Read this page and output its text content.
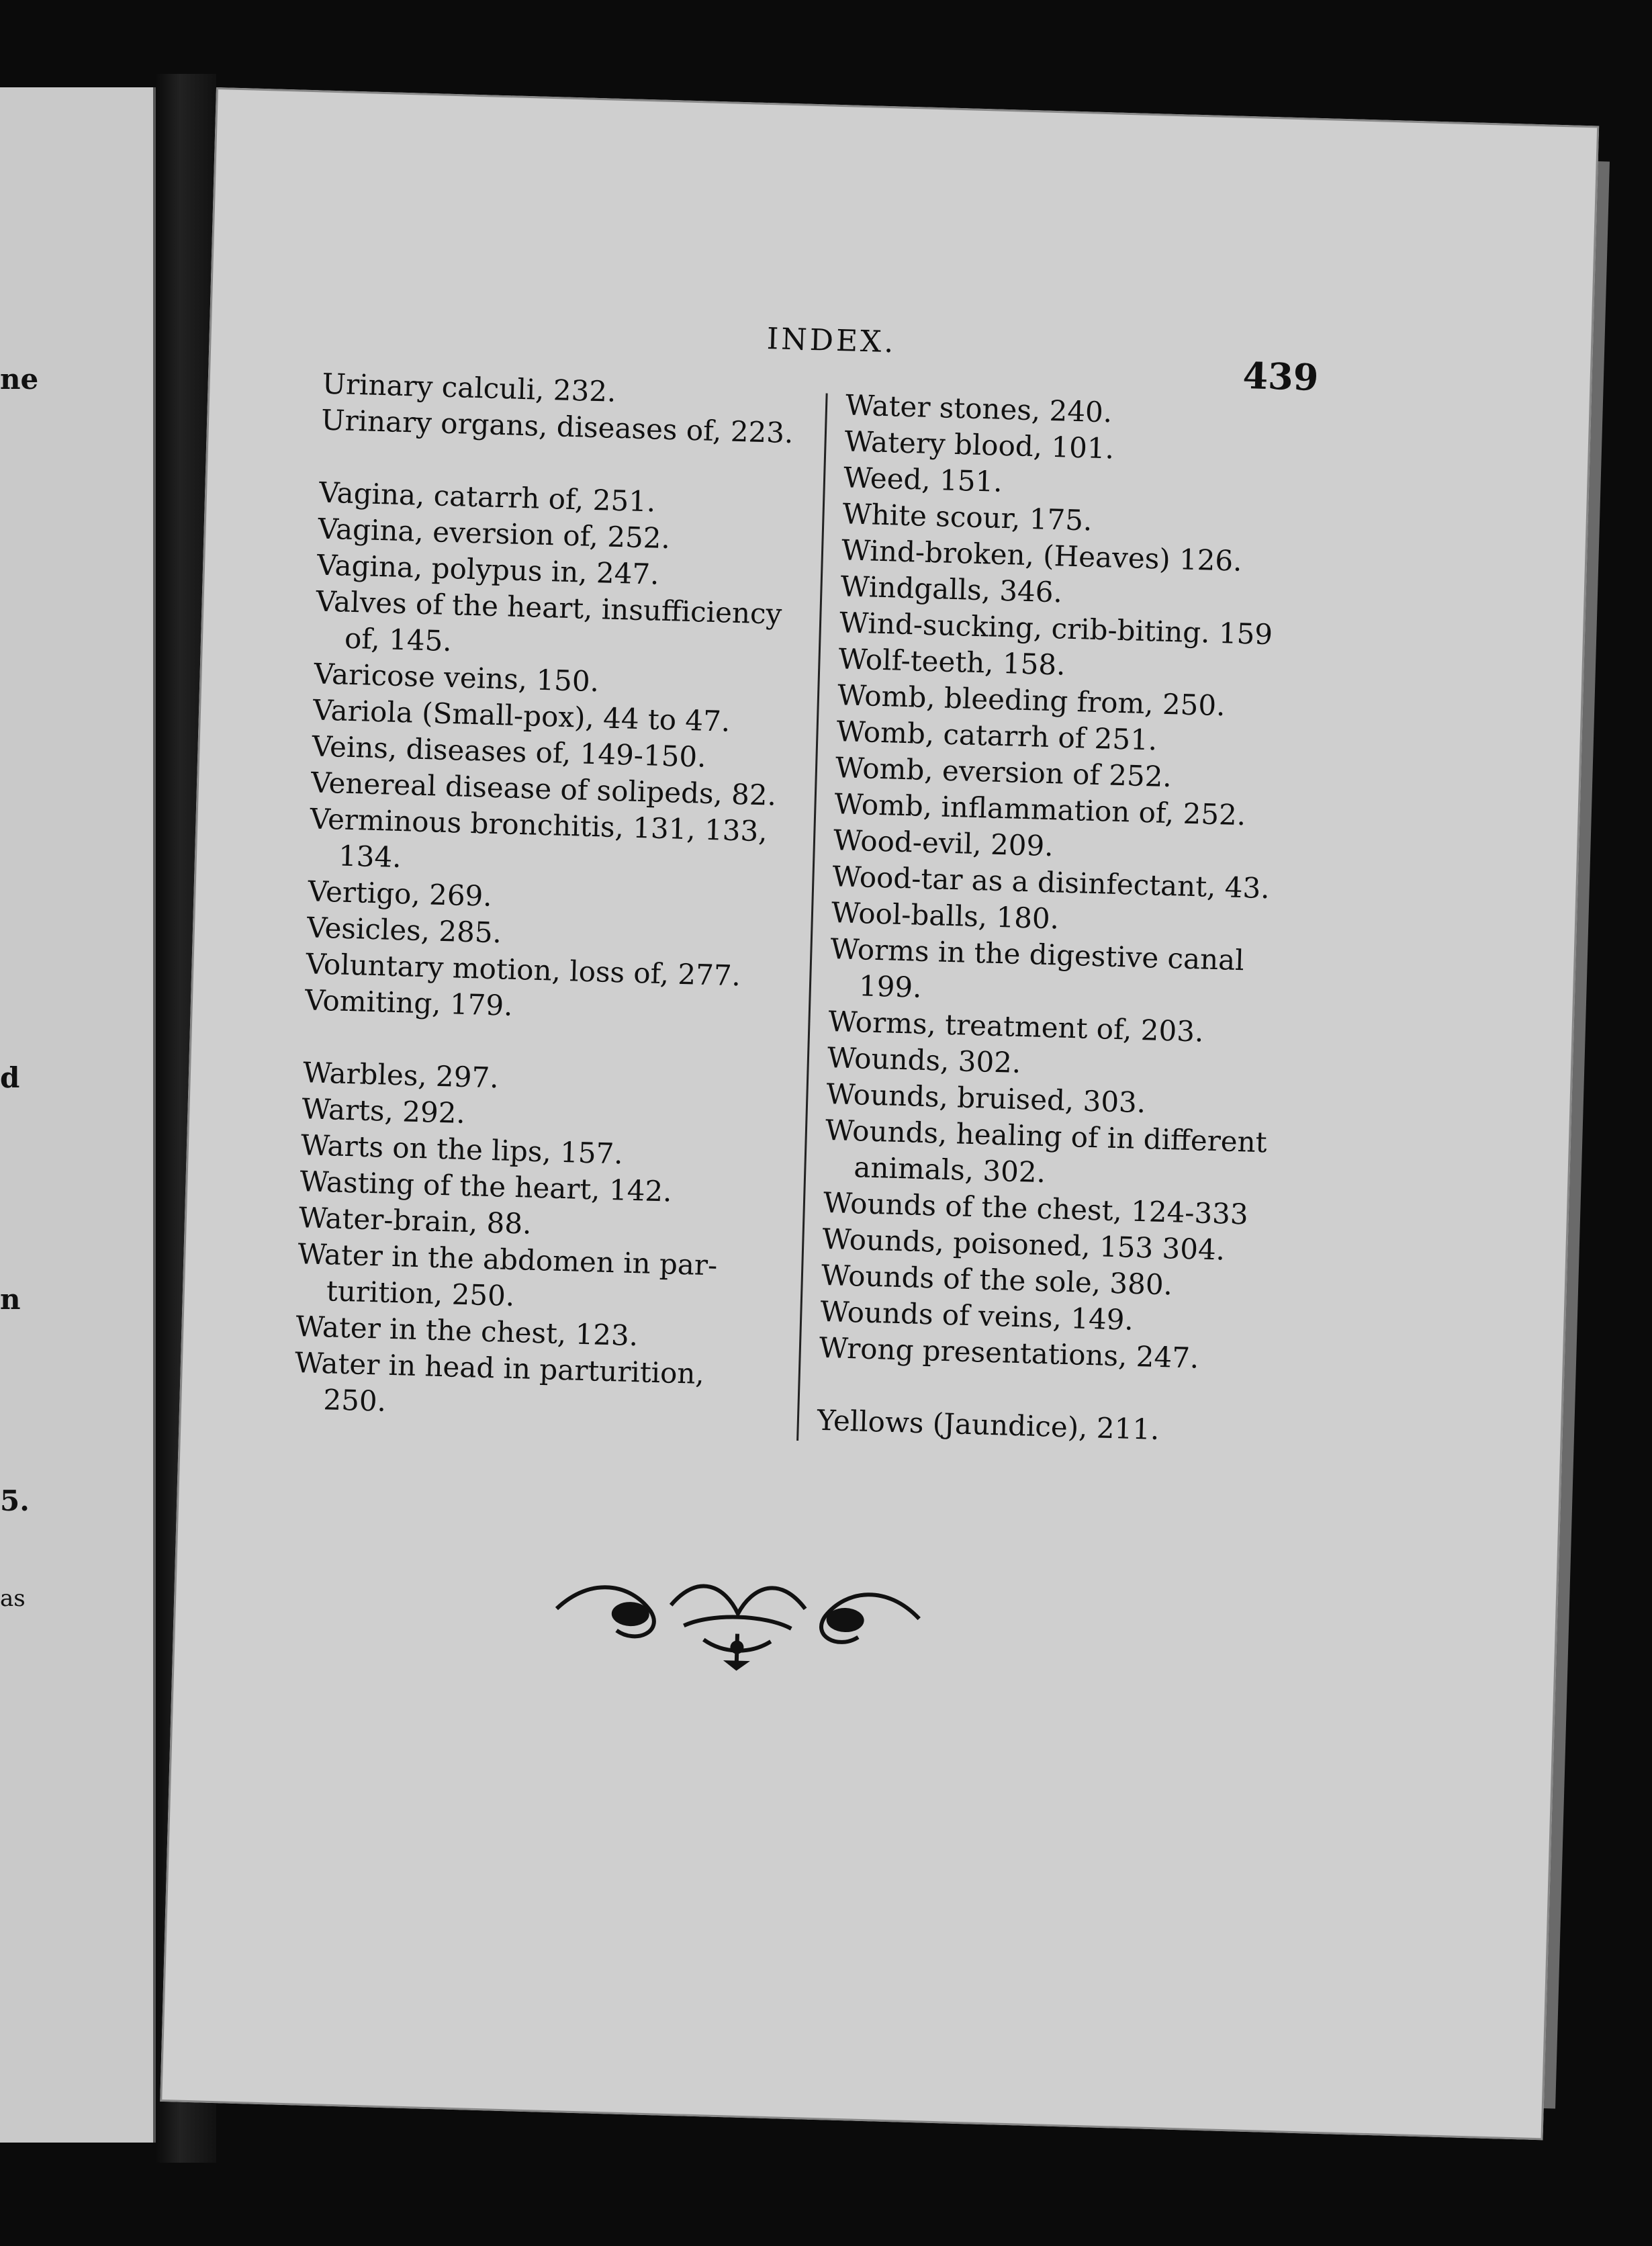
ne
d
n
5.
as
INDEX.
439
Urinary calculi, 232.
Urinary organs, diseases of, 223.
Vagina, catarrh of, 251.
Vagina, eversion of, 252.
Vagina, polypus in, 247.
Valves of the heart, insufficiency
of, 145.
Varicose veins, 150.
Variola (Small-pox), 44 to 47.
Veins, diseases of, 149-150.
Venereal disease of solipeds, 82.
Verminous bronchitis, 131, 133,
134.
Vertigo, 269.
Vesicles, 285.
Voluntary motion, loss of, 277.
Vomiting, 179.
Warbles, 297.
Warts, 292.
Warts on the lips, 157.
Wasting of the heart, 142.
Water-brain, 88.
Water in the abdomen in par-
turition, 250.
Water in the chest, 123.
Water in head in parturition,
250.
Water stones, 240.
Watery blood, 101.
Weed, 151.
White scour, 175.
Wind-broken, (Heaves) 126.
Windgalls, 346.
Wind-sucking, crib-biting. 159
Wolf-teeth, 158.
Womb, bleeding from, 250.
Womb, catarrh of 251.
Womb, eversion of 252.
Womb, inflammation of, 252.
Wood-evil, 209.
Wood-tar as a disinfectant, 43.
Wool-balls, 180.
Worms in the digestive canal
199.
Worms, treatment of, 203.
Wounds, 302.
Wounds, bruised, 303.
Wounds, healing of in different
animals, 302.
Wounds of the chest, 124-333
Wounds, poisoned, 153 304.
Wounds of the sole, 380.
Wounds of veins, 149.
Wrong presentations, 247.
Yellows (Jaundice), 211.
